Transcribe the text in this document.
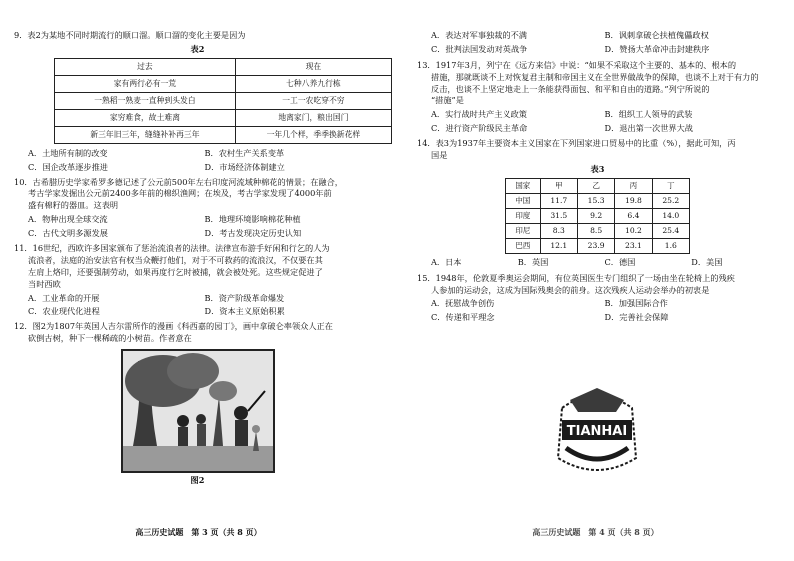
9．表2为某地不同时期流行的顺口溜。顺口溜的变化主要是因为
表2
过去	现在
家有两行必有一荒	七种八养九行栋
一熟稻一熟麦一直种到头发白	一工一农吃穿不穷
家穷难食，故土难离	地离家门，粮出国门
新三年旧三年，缝缝补补再三年	一年几个样，季季换新花样
A．土地所有制的改变	B．农村生产关系变革
C．国企改革逐步推进	D．市场经济体制建立
10．古希腊历史学家希罗多德记述了公元前500年左右印度河流域种棉花的情景；在融合，
考古学家发掘出公元前2400多年前的棉织渔网；在埃及，考古学家发现了4000年前
盛有棉籽的器皿。这表明
A．物种出现全球交流	B．地理环境影响棉花种植
C．古代文明多源发展	D．考古发现决定历史认知
11．16世纪，西欧许多国家颁布了惩治流浪者的法律。法律宣布游手好闲和行乞的人为
流浪者，法庭的治安法官有权当众鞭打他们，对于不可救药的流浪汉，不仅要在其
左肩上烙印，还要强制劳动，如果再度行乞时被捕，就会被处死。这些规定促进了
当时西欧
A．工业革命的开展	B．资产阶级革命爆发
C．农业现代化进程	D．资本主义原始积累
12．图2为1807年英国人吉尔雷所作的漫画《科西嘉的园丁》，画中拿破仑率领众人正在
砍倒古树，种下一棵稀疏的小树苗。作者意在
图2
高三历史试题　第 3 页（共 8 页）
A．表达对军事独裁的不满	B．讽刺拿破仑扶植傀儡政权
C．批判法国发动对英战争	D．赞扬大革命冲击封建秩序
13．1917年3月，列宁在《远方来信》中说：“如果不采取这个主要的、基本的、根本的
措施，那就既谈不上对恢复君主制和帝国主义在全世界做战争的保障，也谈不上对于有力的
反击，也谈不上坚定地走上一条能获得面包、和平和自由的道路。”列宁所说的
“措施”是
A．实行战时共产主义政策	B．组织工人领导的武装
C．进行资产阶级民主革命	D．退出第一次世界大战
14．表3为1937年主要资本主义国家在下列国家进口贸易中的比重（%），据此可知，丙
国是
表3
国家	甲	乙	丙	丁
中国	11.7	15.3	19.8	25.2
印度	31.5	9.2	6.4	14.0
印尼	8.3	8.5	10.2	25.4
巴西	12.1	23.9	23.1	1.6
A．日本	B．英国	C．德国	D．美国
15．1948年，伦敦夏季奥运会期间，有位英国医生专门组织了一场由坐在轮椅上的残疾
人参加的运动会，这成为国际残奥会的前身。这次残疾人运动会举办的初衷是
A．抚慰战争创伤	B．加强国际合作
C．传递和平理念	D．完善社会保障
TIANHAI
高三历史试题　第 4 页（共 8 页）
